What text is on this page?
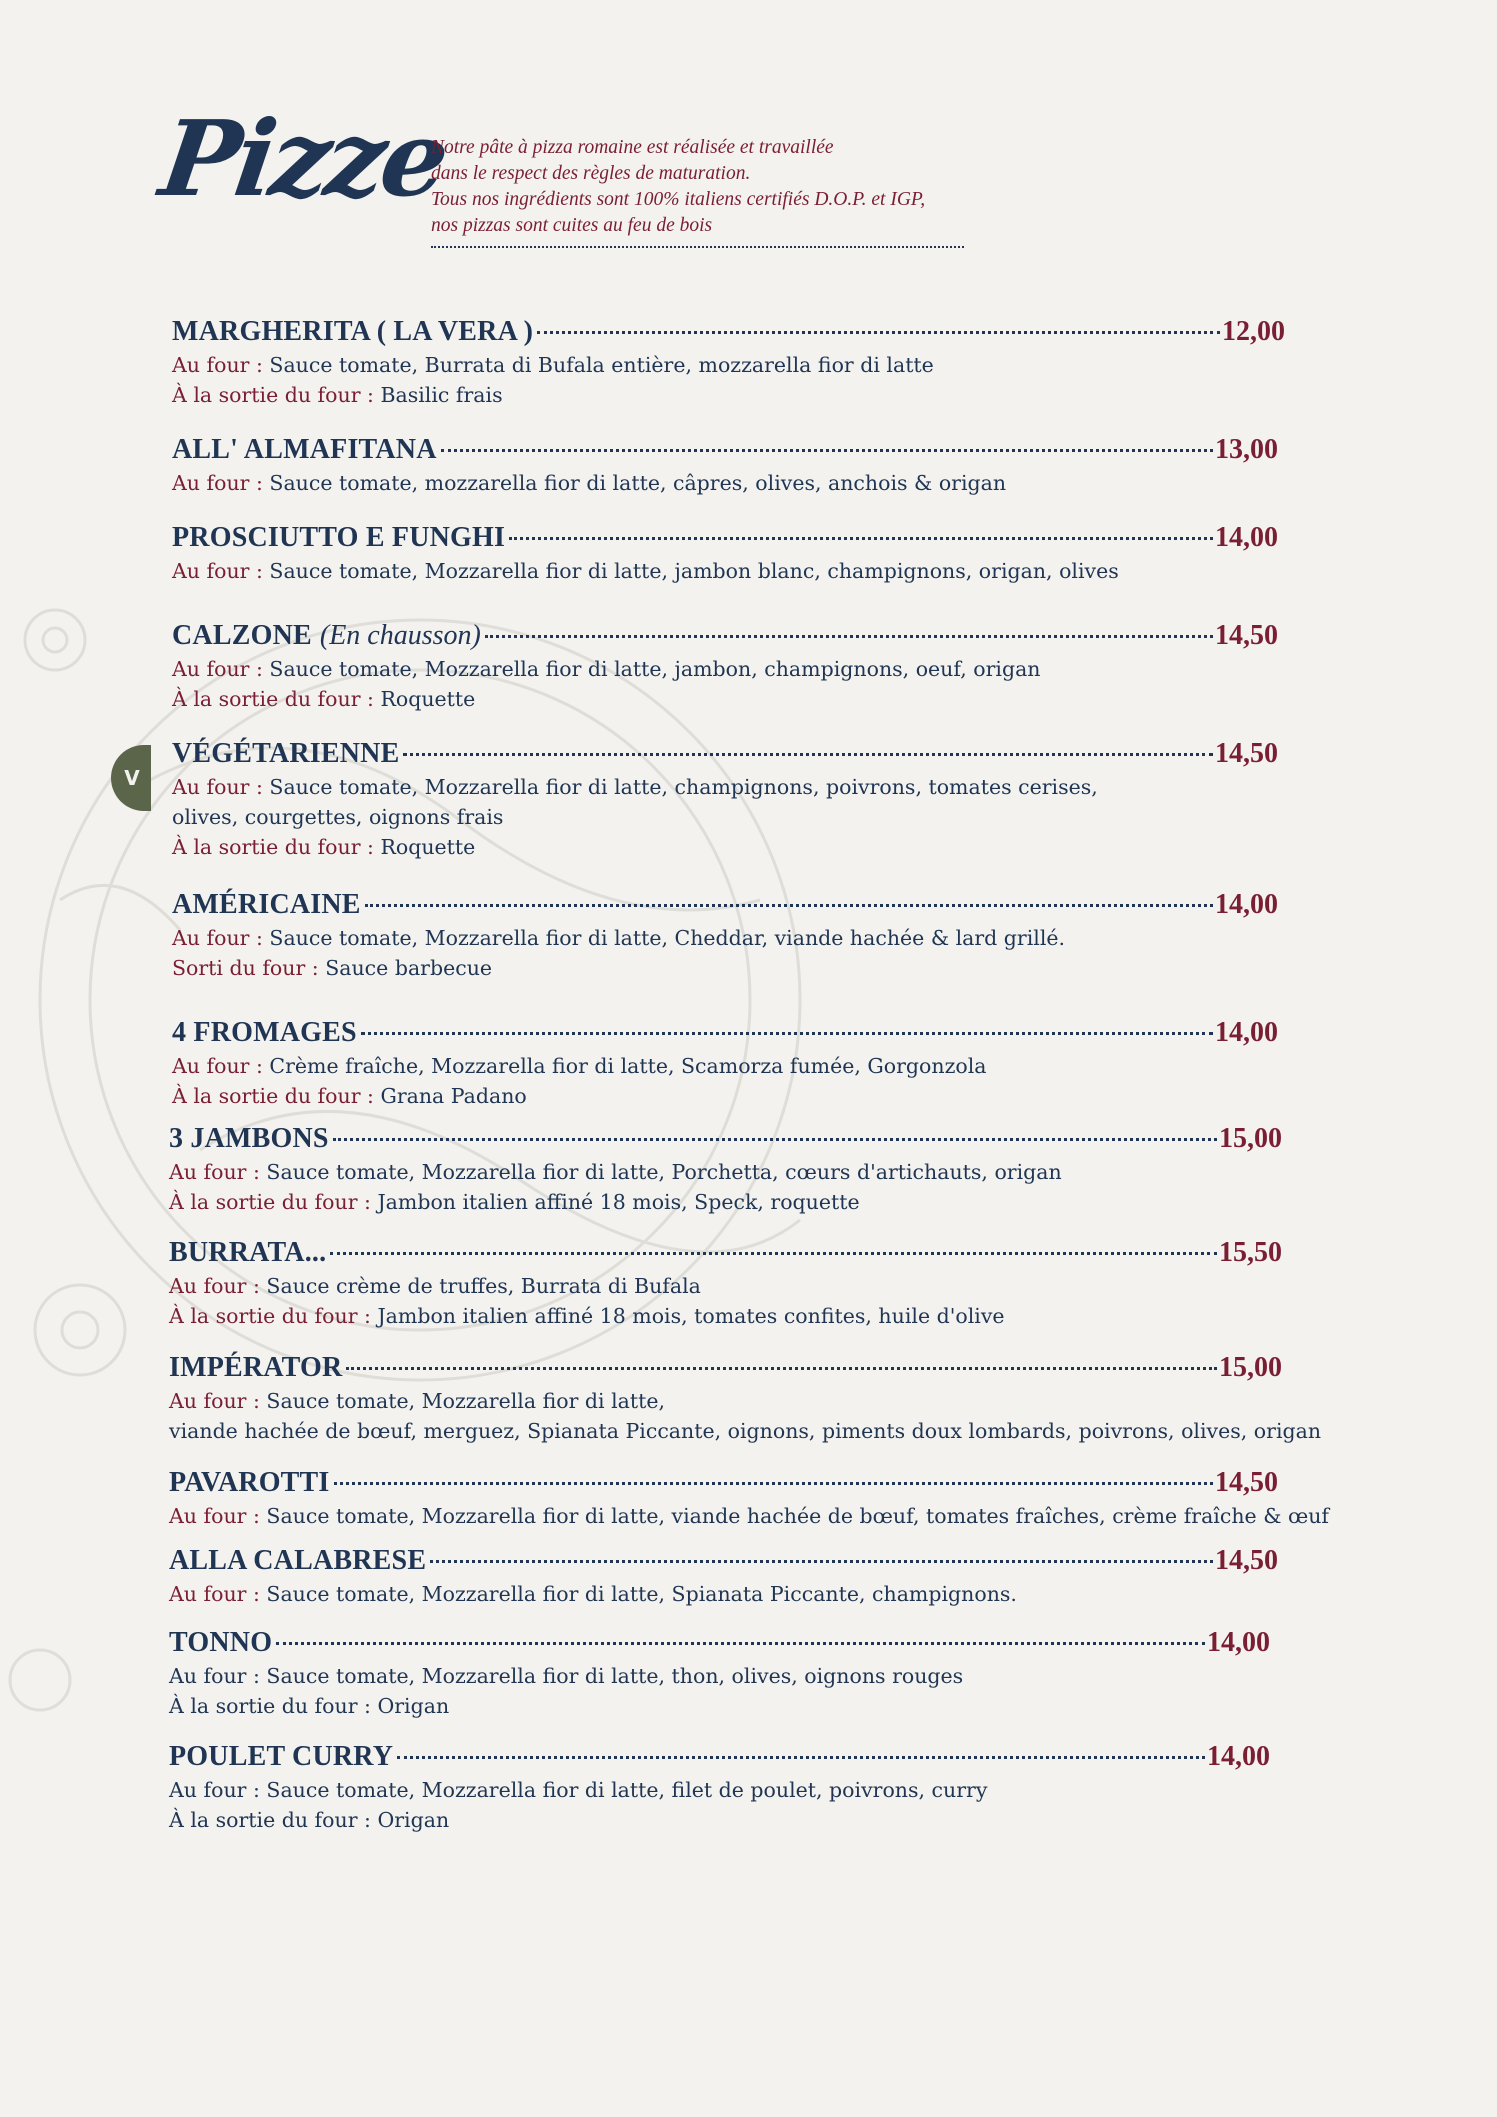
Pizze
Notre pâte à pizza romaine est réalisée et travaillée
dans le respect des règles de maturation.
Tous nos ingrédients sont 100% italiens certifiés D.O.P. et IGP,
nos pizzas sont cuites au feu de bois
V
MARGHERITA ( LA VERA )	12,00
Au four : Sauce tomate, Burrata di Bufala entière, mozzarella fior di latte
À la sortie du four : Basilic frais
ALL' ALMAFITANA	13,00
Au four : Sauce tomate, mozzarella fior di latte, câpres, olives, anchois & origan
PROSCIUTTO E FUNGHI	14,00
Au four : Sauce tomate, Mozzarella fior di latte, jambon blanc, champignons, origan, olives
CALZONE (En chausson)	14,50
Au four : Sauce tomate, Mozzarella fior di latte, jambon, champignons, oeuf, origan
À la sortie du four : Roquette
VÉGÉTARIENNE	14,50
Au four : Sauce tomate, Mozzarella fior di latte, champignons, poivrons, tomates cerises,
olives, courgettes, oignons frais
À la sortie du four : Roquette
AMÉRICAINE	14,00
Au four : Sauce tomate, Mozzarella fior di latte, Cheddar, viande hachée & lard grillé.
Sorti du four : Sauce barbecue
4 FROMAGES	14,00
Au four : Crème fraîche, Mozzarella fior di latte, Scamorza fumée, Gorgonzola
À la sortie du four : Grana Padano
3 JAMBONS	15,00
Au four : Sauce tomate, Mozzarella fior di latte, Porchetta, cœurs d'artichauts, origan
À la sortie du four : Jambon italien affiné 18 mois, Speck, roquette
BURRATA...	15,50
Au four : Sauce crème de truffes, Burrata di Bufala
À la sortie du four : Jambon italien affiné 18 mois, tomates confites, huile d'olive
IMPÉRATOR	15,00
Au four : Sauce tomate, Mozzarella fior di latte,
viande hachée de bœuf, merguez, Spianata Piccante, oignons, piments doux lombards, poivrons, olives, origan
PAVAROTTI	14,50
Au four : Sauce tomate, Mozzarella fior di latte, viande hachée de bœuf, tomates fraîches, crème fraîche & œuf
ALLA CALABRESE	14,50
Au four : Sauce tomate, Mozzarella fior di latte, Spianata Piccante, champignons.
TONNO	14,00
Au four : Sauce tomate, Mozzarella fior di latte, thon, olives, oignons rouges
À la sortie du four : Origan
POULET CURRY	14,00
Au four : Sauce tomate, Mozzarella fior di latte, filet de poulet, poivrons, curry
À la sortie du four : Origan
